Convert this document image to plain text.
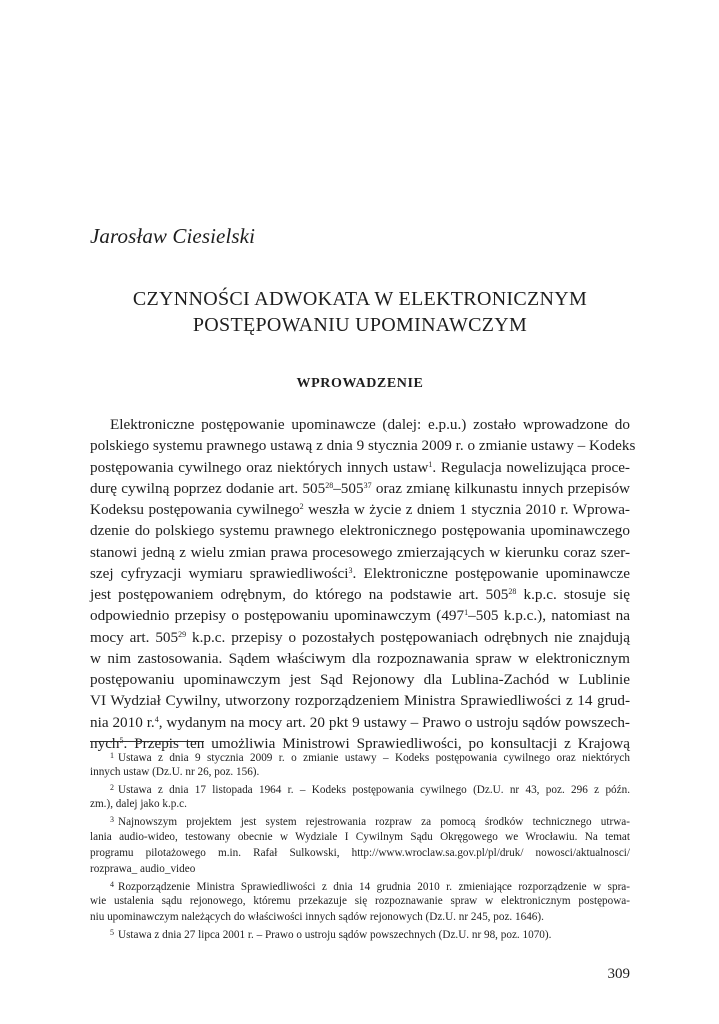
Jarosław Ciesielski
CZYNNOŚCI ADWOKATA W ELEKTRONICZNYM
POSTĘPOWANIU UPOMINAWCZYM
WPROWADZENIE
Elektroniczne postępowanie upominawcze (dalej: e.p.u.) zostało wprowadzone do
polskiego systemu prawnego ustawą z dnia 9 stycznia 2009 r. o zmianie ustawy – Kodeks
postępowania cywilnego oraz niektórych innych ustaw$^1$. Regulacja nowelizująca proce-
durę cywilną poprzez dodanie art. $505^{28}-505^{37}$ oraz zmianę kilkunastu innych przepisów
Kodeksu postępowania cywilnego$^2$ weszła w życie z dniem 1 stycznia 2010 r. Wprowa-
dzenie do polskiego systemu prawnego elektronicznego postępowania upominawczego
stanowi jedną z wielu zmian prawa procesowego zmierzających w kierunku coraz szer-
szej cyfryzacji wymiaru sprawiedliwości$^3$. Elektroniczne postępowanie upominawcze
jest postępowaniem odrębnym, do którego na podstawie art. $505^{28}$ k.p.c. stosuje się
odpowiednio przepisy o postępowaniu upominawczym ($497^1-505$ k.p.c.), natomiast na
mocy art. $505^{29}$ k.p.c. przepisy o pozostałych postępowaniach odrębnych nie znajdują
w nim zastosowania. Sądem właściwym dla rozpoznawania spraw w elektronicznym
postępowaniu upominawczym jest Sąd Rejonowy dla Lublina-Zachód w Lublinie
VI Wydział Cywilny, utworzony rozporządzeniem Ministra Sprawiedliwości z 14 grud-
nia 2010 r.$^4$, wydanym na mocy art. 20 pkt 9 ustawy – Prawo o ustroju sądów powszech-
nych$^5$. Przepis ten umożliwia Ministrowi Sprawiedliwości, po konsultacji z Krajową
$^1$ Ustawa z dnia 9 stycznia 2009 r. o zmianie ustawy – Kodeks postępowania cywilnego oraz niektórych
innych ustaw (Dz.U. nr 26, poz. 156).
$^2$ Ustawa z dnia 17 listopada 1964 r. – Kodeks postępowania cywilnego (Dz.U. nr 43, poz. 296 z późn.
zm.), dalej jako k.p.c.
$^3$ Najnowszym projektem jest system rejestrowania rozpraw za pomocą środków technicznego utrwa-
lania audio-wideo, testowany obecnie w Wydziale I Cywilnym Sądu Okręgowego we Wrocławiu. Na temat
programu pilotażowego m.in. Rafał Sulkowski, http://www.wroclaw.sa.gov.pl/pl/druk/ nowosci/aktualnosci/
rozprawa_ audio_video
$^4$ Rozporządzenie Ministra Sprawiedliwości z dnia 14 grudnia 2010 r. zmieniające rozporządzenie w spra-
wie ustalenia sądu rejonowego, któremu przekazuje się rozpoznawanie spraw w elektronicznym postępowa-
niu upominawczym należących do właściwości innych sądów rejonowych (Dz.U. nr 245, poz. 1646).
$^5$ Ustawa z dnia 27 lipca 2001 r. – Prawo o ustroju sądów powszechnych (Dz.U. nr 98, poz. 1070).
309
